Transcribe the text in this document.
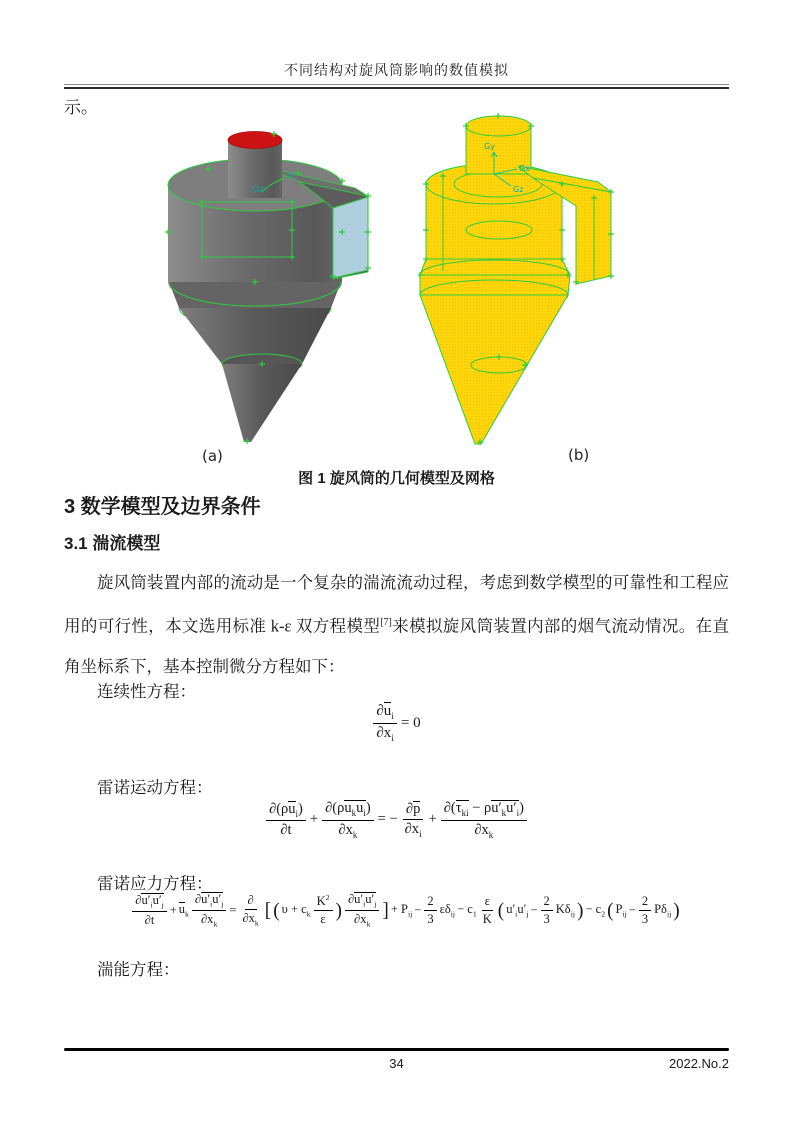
不同结构对旋风筒影响的数值模拟
示。
x
Gz
Gy
Gx
Gz
(a)	(b)
图 1 旋风筒的几何模型及网格
3 数学模型及边界条件
3.1 湍流模型

旋风筒装置内部的流动是一个复杂的湍流流动过程，考虑到数学模型的可靠性和工程应用的可行性，本文选用标准 k-ε 双方程模型[7]来模拟旋风筒装置内部的烟气流动情况。在直角坐标系下，基本控制微分方程如下：

连续性方程：
$\frac{\partial u_i}{\partial x_i} = 0$
雷诺运动方程：
$\frac{\partial(\rho u_i)}{\partial t} + \frac{\partial(\rho u_ku_i)}{\partial x_k}$ = − $\frac{\partial p}{\partial x_i} + \frac{\partial(\tau_{ki} - \rho u'_ku'_i)}{\partial x_k}$
雷诺应力方程：
$\frac{\partial u'_iu'_j}{\partial t} + u_k \frac{\partial u'_iu'_j}{\partial x_k} = \frac{\partial}{\partial x_k}$ [ ( $\upsilon + c_k \frac{K^2}{\varepsilon}$ ) $\frac{\partial u'_iu'_j}{\partial x_k}$ ] + $P_{ij} - \frac{2}{3} \varepsilon\delta_{ij} - c_1 \frac{\varepsilon}{K}$ ( $u'_iu'_j - \frac{2}{3} K\delta_{ij}$ ) − $c_2$ ( $P_{ij} - \frac{2}{3} P\delta_{ij}$ )
湍能方程：
34	2022.No.2
